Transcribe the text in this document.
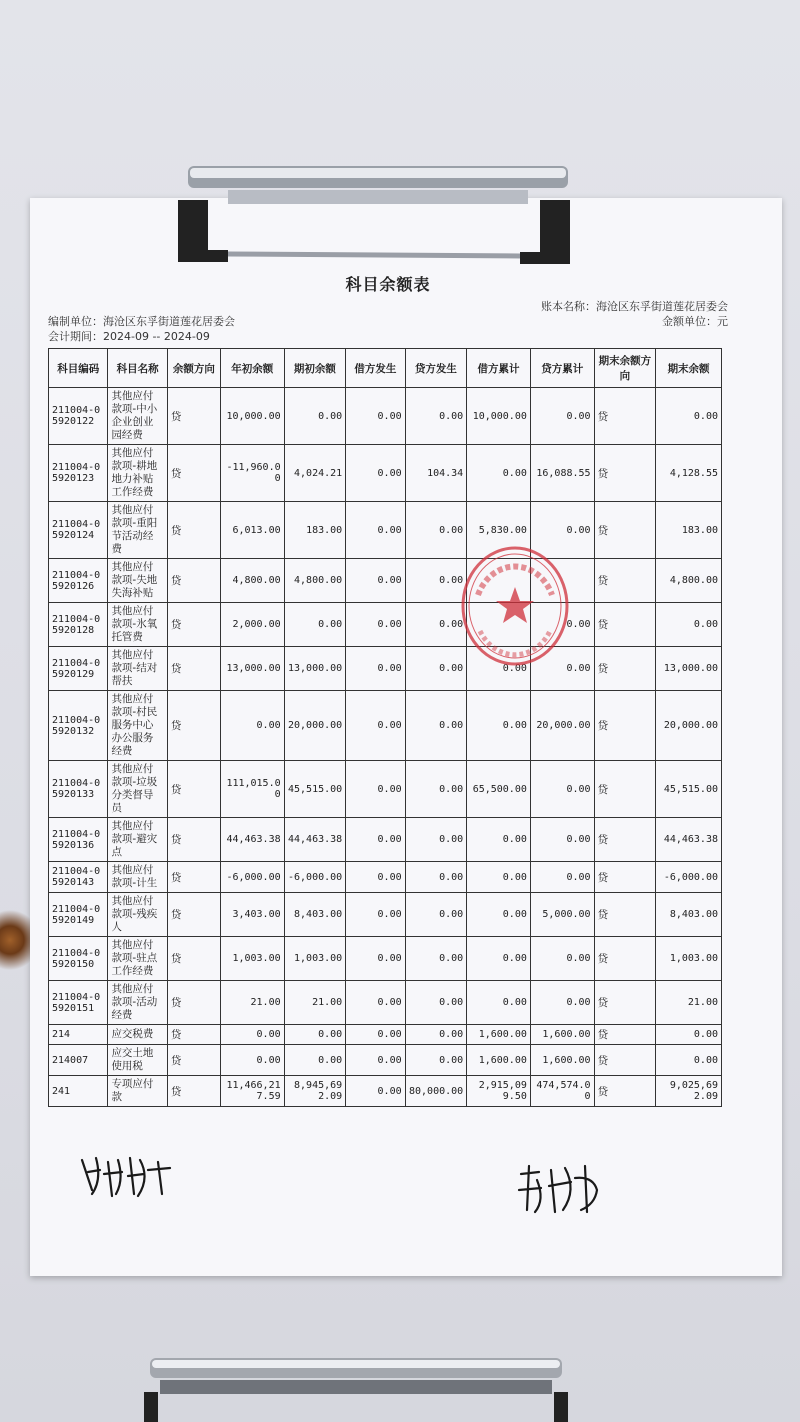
科目余额表
账本名称：海沧区东孚街道莲花居委会
编制单位：海沧区东孚街道莲花居委会	金额单位：元
会计期间：2024-09 -- 2024-09
科目编码	科目名称	余额方向	年初余额	期初余额	借方发生	贷方发生	借方累计	贷方累计	期末余额方向	期末余额
211004-05920122	其他应付款项-中小企业创业园经费	贷	10,000.00	0.00	0.00	0.00	10,000.00	0.00	贷	0.00
211004-05920123	其他应付款项-耕地地力补贴工作经费	贷	-11,960.00	4,024.21	0.00	104.34	0.00	16,088.55	贷	4,128.55
211004-05920124	其他应付款项-重阳节活动经费	贷	6,013.00	183.00	0.00	0.00	5,830.00	0.00	贷	183.00
211004-05920126	其他应付款项-失地失海补贴	贷	4,800.00	4,800.00	0.00	0.00			贷	4,800.00
211004-05920128	其他应付款项-氷氧托管费	贷	2,000.00	0.00	0.00	0.00		0.00	贷	0.00
211004-05920129	其他应付款项-结对帮扶	贷	13,000.00	13,000.00	0.00	0.00	0.00	0.00	贷	13,000.00
211004-05920132	其他应付款项-村民服务中心办公服务经费	贷	0.00	20,000.00	0.00	0.00	0.00	20,000.00	贷	20,000.00
211004-05920133	其他应付款项-垃圾分类督导员	贷	111,015.00	45,515.00	0.00	0.00	65,500.00	0.00	贷	45,515.00
211004-05920136	其他应付款项-避灾点	贷	44,463.38	44,463.38	0.00	0.00	0.00	0.00	贷	44,463.38
211004-05920143	其他应付款项-计生	贷	-6,000.00	-6,000.00	0.00	0.00	0.00	0.00	贷	-6,000.00
211004-05920149	其他应付款项-残疾人	贷	3,403.00	8,403.00	0.00	0.00	0.00	5,000.00	贷	8,403.00
211004-05920150	其他应付款项-驻点工作经费	贷	1,003.00	1,003.00	0.00	0.00	0.00	0.00	贷	1,003.00
211004-05920151	其他应付款项-活动经费	贷	21.00	21.00	0.00	0.00	0.00	0.00	贷	21.00
214	应交税费	贷	0.00	0.00	0.00	0.00	1,600.00	1,600.00	贷	0.00
214007	应交土地使用税	贷	0.00	0.00	0.00	0.00	1,600.00	1,600.00	贷	0.00
241	专项应付款	贷	11,466,217.59	8,945,692.09	0.00	80,000.00	2,915,099.50	474,574.00	贷	9,025,692.09
